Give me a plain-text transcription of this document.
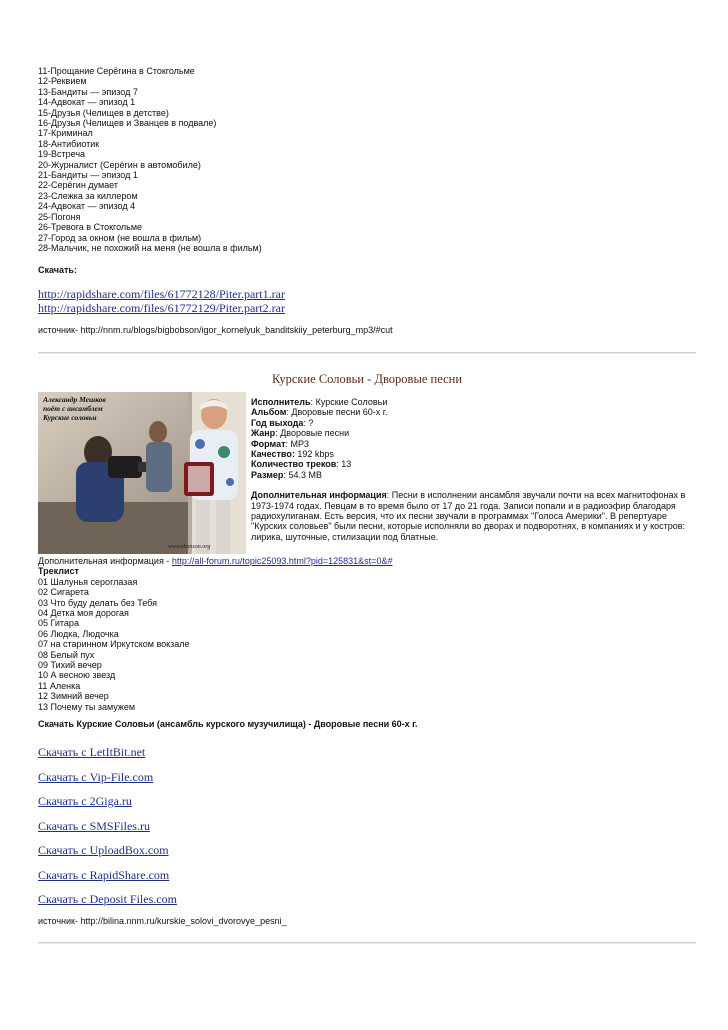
11-Прощание Серёгина в Стокгольме
12-Реквием
13-Бандиты — эпизод 7
14-Адвокат — эпизод 1
15-Друзья (Челищев в детстве)
16-Друзья (Челищев и Званцев в подвале)
17-Криминал
18-Антибиотик
19-Встреча
20-Журналист (Серёгин в автомобиле)
21-Бандиты — эпизод 1
22-Серёгин думает
23-Слежка за киллером
24-Адвокат — эпизод 4
25-Погоня
26-Тревога в Стокгольме
27-Город за окном (не вошла в фильм)
28-Мальчик, не похожий на меня (не вошла в фильм)
Скачать:
http://rapidshare.com/files/61772128/Piter.part1.rar
http://rapidshare.com/files/61772129/Piter.part2.rar
источник- http://nnm.ru/blogs/bigbobson/igor_kornelyuk_banditskiiy_peterburg_mp3/#cut
Курские Соловьи - Дворовые песни
Александр Мешков
поёт с ансамблем
Курские соловьи
www.shanson.org
Исполнитель: Курские Соловьи
Альбом: Дворовые песни 60-х г.
Год выхода: ?
Жанр: Дворовые песни
Формат: MP3
Качество: 192 kbps
Количество треков: 13
Размер: 54.3 MB
Дополнительная информация: Песни в исполнении ансамбля звучали почти на всех магнитофонах в 1973-1974 годах. Певцам в то время было от 17 до 21 года. Записи попали и в радиоэфир благодаря радиохулиганам. Есть версия, что их песни звучали в программах "Голоса Америки". В репертуаре "Курских соловьев" были песни, которые исполняли во дворах и подворотнях, в компаниях и у костров: лирика, шуточные, стилизации под блатные.
Дополнительная информация - http://all-forum.ru/topic25093.html?pid=125831&st=0&#
Треклист
01 Шалунья сероглазая
02 Сигарета
03 Что буду делать без Тебя
04 Детка моя дорогая
05 Гитара
06 Людка, Людочка
07 на старинном Иркутском вокзале
08 Белый пух
09 Тихий вечер
10 А весною звезд
11 Аленка
12 Зимний вечер
13 Почему ты замужем
Скачать Курские Соловьи (ансамбль курского музучилища) - Дворовые песни 60-х г.
Скачать с LetItBit.net
Скачать с Vip-File.com
Скачать с 2Giga.ru
Скачать с SMSFiles.ru
Скачать с UploadBox.com
Скачать с RapidShare.com
Скачать с Deposit Files.com
источник- http://bilina.nnm.ru/kurskie_solovi_dvorovye_pesni_
